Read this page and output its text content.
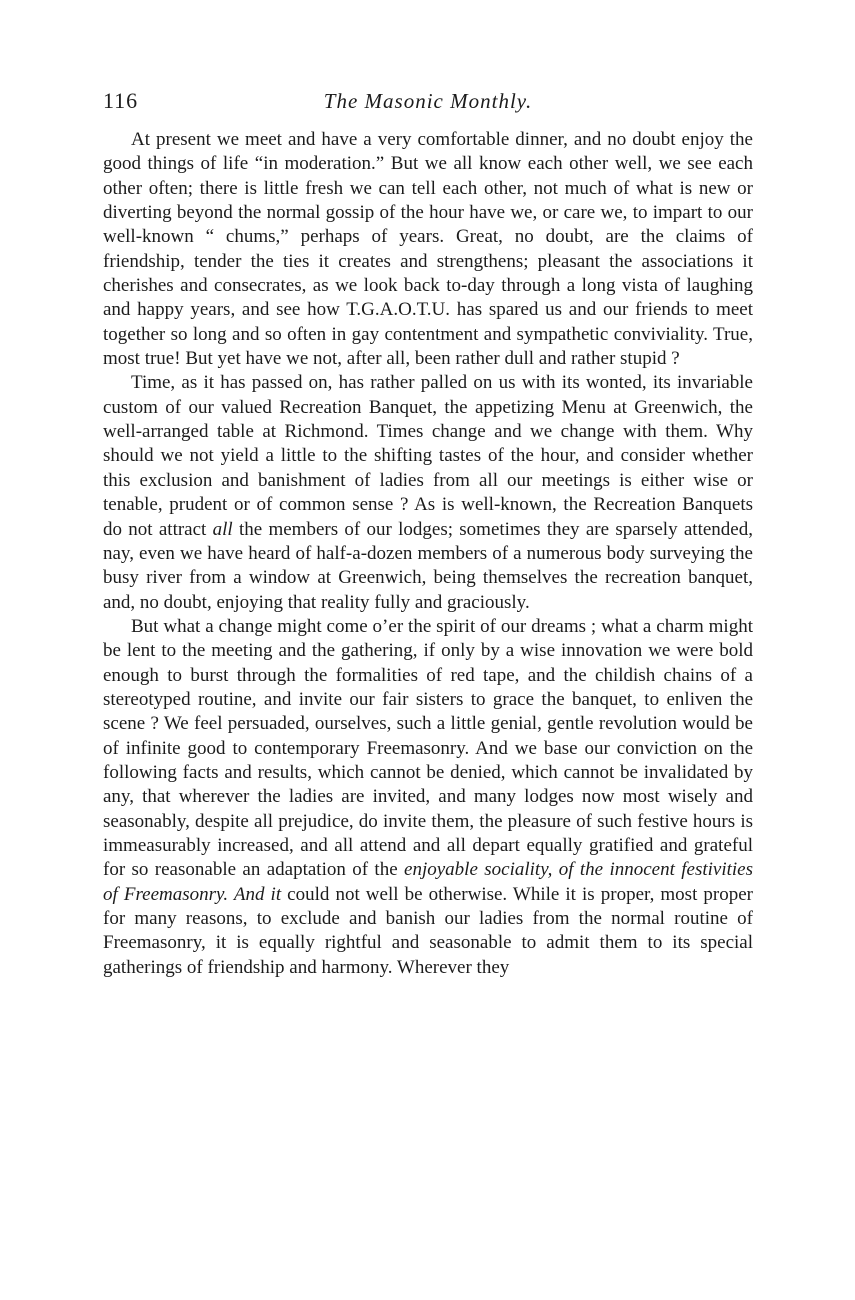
116	The Masonic Monthly.

At present we meet and have a very comfortable dinner, and no doubt enjoy the good things of life “in moderation.” But we all know each other well, we see each other often; there is little fresh we can tell each other, not much of what is new or diverting beyond the normal gossip of the hour have we, or care we, to impart to our well-known “ chums,” perhaps of years. Great, no doubt, are the claims of friendship, tender the ties it creates and strengthens; pleasant the associations it cherishes and consecrates, as we look back to-day through a long vista of laughing and happy years, and see how T.G.A.O.T.U. has spared us and our friends to meet together so long and so often in gay contentment and sympathetic conviviality. True, most true! But yet have we not, after all, been rather dull and rather stupid ?

Time, as it has passed on, has rather palled on us with its wonted, its invariable custom of our valued Recreation Banquet, the appetizing Menu at Greenwich, the well-arranged table at Richmond. Times change and we change with them. Why should we not yield a little to the shifting tastes of the hour, and consider whether this exclusion and banishment of ladies from all our meetings is either wise or tenable, prudent or of common sense ? As is well-known, the Recreation Banquets do not attract all the members of our lodges; sometimes they are sparsely attended, nay, even we have heard of half-a-dozen members of a numerous body surveying the busy river from a window at Greenwich, being themselves the recreation banquet, and, no doubt, enjoying that reality fully and graciously.

But what a change might come o’er the spirit of our dreams ; what a charm might be lent to the meeting and the gathering, if only by a wise innovation we were bold enough to burst through the formalities of red tape, and the childish chains of a stereotyped routine, and invite our fair sisters to grace the banquet, to enliven the scene ? We feel persuaded, ourselves, such a little genial, gentle revolution would be of infinite good to contemporary Freemasonry. And we base our conviction on the following facts and results, which cannot be denied, which cannot be invalidated by any, that wherever the ladies are invited, and many lodges now most wisely and seasonably, despite all prejudice, do invite them, the pleasure of such festive hours is immeasurably increased, and all attend and all depart equally gratified and grateful for so reasonable an adaptation of the enjoyable sociality, of the innocent festivities of Freemasonry. And it could not well be otherwise. While it is proper, most proper for many reasons, to exclude and banish our ladies from the normal routine of Freemasonry, it is equally rightful and seasonable to admit them to its special gatherings of friendship and harmony. Wherever they
